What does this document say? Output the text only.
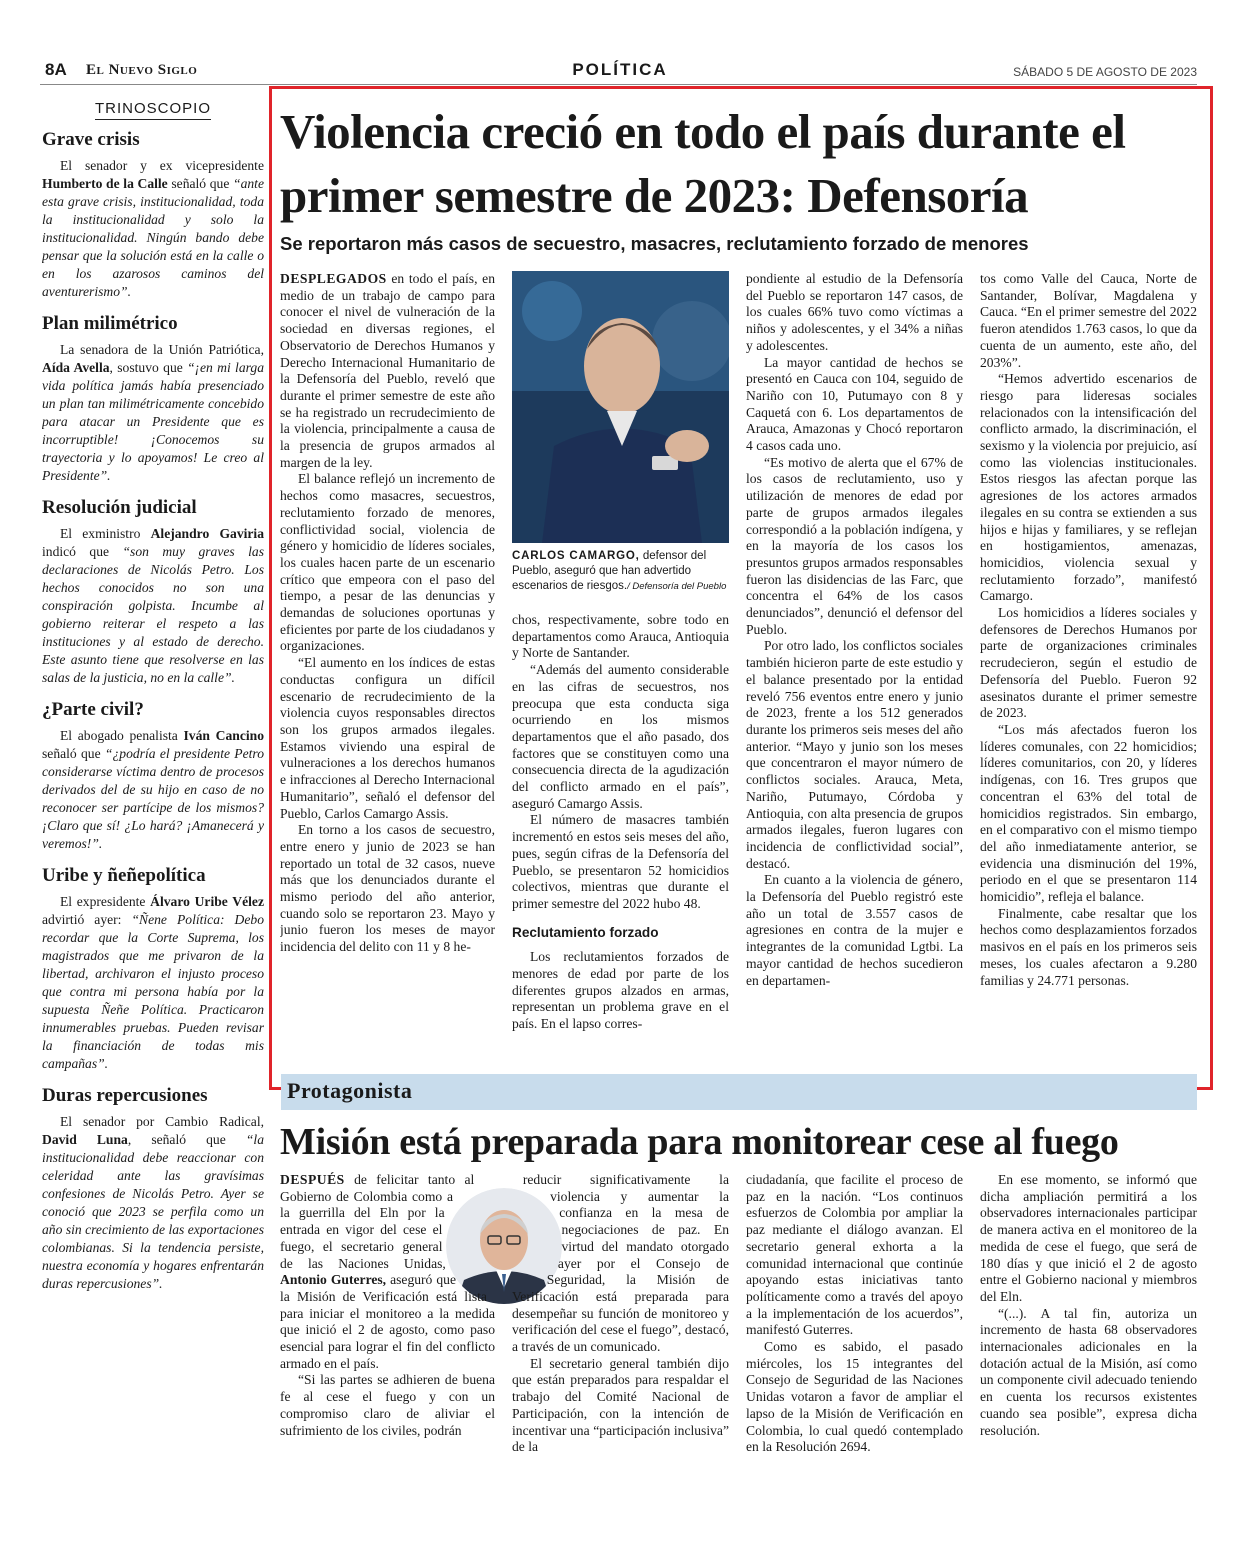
8A El Nuevo Siglo	POLÍTICA	SÁBADO 5 DE AGOSTO DE 2023
TRINOSCOPIO
Grave crisis

El senador y ex vicepresidente Humberto de la Calle señaló que “ante esta grave crisis, institucionalidad, toda la institucionalidad y solo la institucionalidad. Ningún bando debe pensar que la solución está en la calle o en los azarosos caminos del aventurerismo”.

Plan milimétrico

La senadora de la Unión Patriótica, Aída Avella, sostuvo que “¡en mi larga vida política jamás había presenciado un plan tan milimétricamente concebido para atacar un Presidente que es incorruptible! ¡Conocemos su trayectoria y lo apoyamos! Le creo al Presidente”.

Resolución judicial

El exministro Alejandro Gaviria indicó que “son muy graves las declaraciones de Nicolás Petro. Los hechos conocidos no son una conspiración golpista. Incumbe al gobierno reiterar el respeto a las instituciones y al estado de derecho. Este asunto tiene que resolverse en las salas de la justicia, no en la calle”.

¿Parte civil?

El abogado penalista Iván Cancino señaló que “¿podría el presidente Petro considerarse víctima dentro de procesos derivados del de su hijo en caso de no reconocer ser partícipe de los mismos? ¡Claro que sí! ¿Lo hará? ¡Amanecerá y veremos!”.

Uribe y ñeñepolítica

El expresidente Álvaro Uribe Vélez advirtió ayer: “Ñene Política: Debo recordar que la Corte Suprema, los magistrados que me privaron de la libertad, archivaron el injusto proceso que contra mi persona había por la supuesta Ñeñe Política. Practicaron innumerables pruebas. Pueden revisar la financiación de todas mis campañas”.

Duras repercusiones

El senador por Cambio Radical, David Luna, señaló que “la institucionalidad debe reaccionar con celeridad ante las gravísimas confesiones de Nicolás Petro. Ayer se conoció que 2023 se perfila como un año sin crecimiento de las exportaciones colombianas. Si la tendencia persiste, nuestra economía y hogares enfrentarán duras repercusiones”.

Violencia creció en todo el país durante el primer semestre de 2023: Defensoría
Se reportaron más casos de secuestro, masacres, reclutamiento forzado de menores

DESPLEGADOS en todo el país, en medio de un trabajo de campo para conocer el nivel de vulneración de la sociedad en diversas regiones, el Observatorio de Derechos Humanos y Derecho Internacional Humanitario de la Defensoría del Pueblo, reveló que durante el primer semestre de este año se ha registrado un recrudecimiento de la violencia, principalmente a causa de la presencia de grupos armados al margen de la ley.

El balance reflejó un incremento de hechos como masacres, secuestros, reclutamiento forzado de menores, conflictividad social, violencia de género y homicidio de líderes sociales, los cuales hacen parte de un escenario crítico que empeora con el paso del tiempo, a pesar de las denuncias y demandas de soluciones oportunas y eficientes por parte de los ciudadanos y organizaciones.

“El aumento en los índices de estas conductas configura un difícil escenario de recrudecimiento de la violencia cuyos responsables directos son los grupos armados ilegales. Estamos viviendo una espiral de vulneraciones a los derechos humanos e infracciones al Derecho Internacional Humanitario”, señaló el defensor del Pueblo, Carlos Camargo Assis.

En torno a los casos de secuestro, entre enero y junio de 2023 se han reportado un total de 32 casos, nueve más que los denunciados durante el mismo periodo del año anterior, cuando solo se reportaron 23. Mayo y junio fueron los meses de mayor incidencia del delito con 11 y 8 he-

CARLOS CAMARGO, defensor del Pueblo, aseguró que han advertido escenarios de riesgos./ Defensoría del Pueblo

chos, respectivamente, sobre todo en departamentos como Arauca, Antioquia y Norte de Santander.

“Además del aumento considerable en las cifras de secuestros, nos preocupa que esta conducta siga ocurriendo en los mismos departamentos que el año pasado, dos factores que se constituyen como una consecuencia directa de la agudización del conflicto armado en el país”, aseguró Camargo Assis.

El número de masacres también incrementó en estos seis meses del año, pues, según cifras de la Defensoría del Pueblo, se presentaron 52 homicidios colectivos, mientras que durante el primer semestre del 2022 hubo 48.

Reclutamiento forzado

Los reclutamientos forzados de menores de edad por parte de los diferentes grupos alzados en armas, representan un problema grave en el país. En el lapso corres-

pondiente al estudio de la Defensoría del Pueblo se reportaron 147 casos, de los cuales 66% tuvo como víctimas a niños y adolescentes, y el 34% a niñas y adolescentes.

La mayor cantidad de hechos se presentó en Cauca con 104, seguido de Nariño con 10, Putumayo con 8 y Caquetá con 6. Los departamentos de Arauca, Amazonas y Chocó reportaron 4 casos cada uno.

“Es motivo de alerta que el 67% de los casos de reclutamiento, uso y utilización de menores de edad por parte de grupos armados ilegales correspondió a la población indígena, y en la mayoría de los casos los presuntos grupos armados responsables fueron las disidencias de las Farc, que concentra el 64% de los casos denunciados”, denunció el defensor del Pueblo.

Por otro lado, los conflictos sociales también hicieron parte de este estudio y el balance presentado por la entidad reveló 756 eventos entre enero y junio de 2023, frente a los 512 generados durante los primeros seis meses del año anterior. “Mayo y junio son los meses que concentraron el mayor número de conflictos sociales. Arauca, Meta, Nariño, Putumayo, Córdoba y Antioquia, con alta presencia de grupos armados ilegales, fueron lugares con incidencia de conflictividad social”, destacó.

En cuanto a la violencia de género, la Defensoría del Pueblo registró este año un total de 3.557 casos de agresiones en contra de la mujer e integrantes de la comunidad Lgtbi. La mayor cantidad de hechos sucedieron en departamen-

tos como Valle del Cauca, Norte de Santander, Bolívar, Magdalena y Cauca. “En el primer semestre del 2022 fueron atendidos 1.763 casos, lo que da cuenta de un aumento, este año, del 203%”.

“Hemos advertido escenarios de riesgo para lideresas sociales relacionados con la intensificación del conflicto armado, la discriminación, el sexismo y la violencia por prejuicio, así como las violencias institucionales. Estos riesgos las afectan porque las agresiones de los actores armados ilegales en su contra se extienden a sus hijos e hijas y familiares, y se reflejan en hostigamientos, amenazas, homicidios, violencia sexual y reclutamiento forzado”, manifestó Camargo.

Los homicidios a líderes sociales y defensores de Derechos Humanos por parte de organizaciones criminales recrudecieron, según el estudio de Defensoría del Pueblo. Fueron 92 asesinatos durante el primer semestre de 2023.

“Los más afectados fueron los líderes comunales, con 22 homicidios; líderes comunitarios, con 20, y líderes indígenas, con 16. Tres grupos que concentran el 63% del total de homicidios registrados. Sin embargo, en el comparativo con el mismo tiempo del año inmediatamente anterior, se evidencia una disminución del 19%, periodo en el que se presentaron 114 homicidio”, refleja el balance.

Finalmente, cabe resaltar que los hechos como desplazamientos forzados masivos en el país en los primeros seis meses, los cuales afectaron a 9.280 familias y 24.771 personas.

Protagonista
Misión está preparada para monitorear cese al fuego

DESPUÉS de felicitar tanto al Gobierno de Colombia como a la guerrilla del Eln por la entrada en vigor del cese el fuego, el secretario general de las Naciones Unidas, Antonio Guterres, aseguró que la Misión de Verificación está lista para iniciar el monitoreo a la medida que inició el 2 de agosto, como paso esencial para lograr el fin del conflicto armado en el país.

“Si las partes se adhieren de buena fe al cese el fuego y con un compromiso claro de aliviar el sufrimiento de los civiles, podrán

reducir significativamente la violencia y aumentar la confianza en la mesa de negociaciones de paz. En virtud del mandato otorgado ayer por el Consejo de Seguridad, la Misión de Verificación está preparada para desempeñar su función de monitoreo y verificación del cese el fuego”, destacó, a través de un comunicado.

El secretario general también dijo que están preparados para respaldar el trabajo del Comité Nacional de Participación, con la intención de incentivar una “participación inclusiva” de la

ciudadanía, que facilite el proceso de paz en la nación. “Los continuos esfuerzos de Colombia por ampliar la paz mediante el diálogo avanzan. El secretario general exhorta a la comunidad internacional que continúe apoyando estas iniciativas tanto políticamente como a través del apoyo a la implementación de los acuerdos”, manifestó Guterres.

Como es sabido, el pasado miércoles, los 15 integrantes del Consejo de Seguridad de las Naciones Unidas votaron a favor de ampliar el lapso de la Misión de Verificación en Colombia, lo cual quedó contemplado en la Resolución 2694.

En ese momento, se informó que dicha ampliación permitirá a los observadores internacionales participar de manera activa en el monitoreo de la medida de cese el fuego, que será de 180 días y que inició el 2 de agosto entre el Gobierno nacional y miembros del Eln.

“(...). A tal fin, autoriza un incremento de hasta 68 observadores internacionales adicionales en la dotación actual de la Misión, así como un componente civil adecuado teniendo en cuenta los recursos existentes cuando sea posible”, expresa dicha resolución.
